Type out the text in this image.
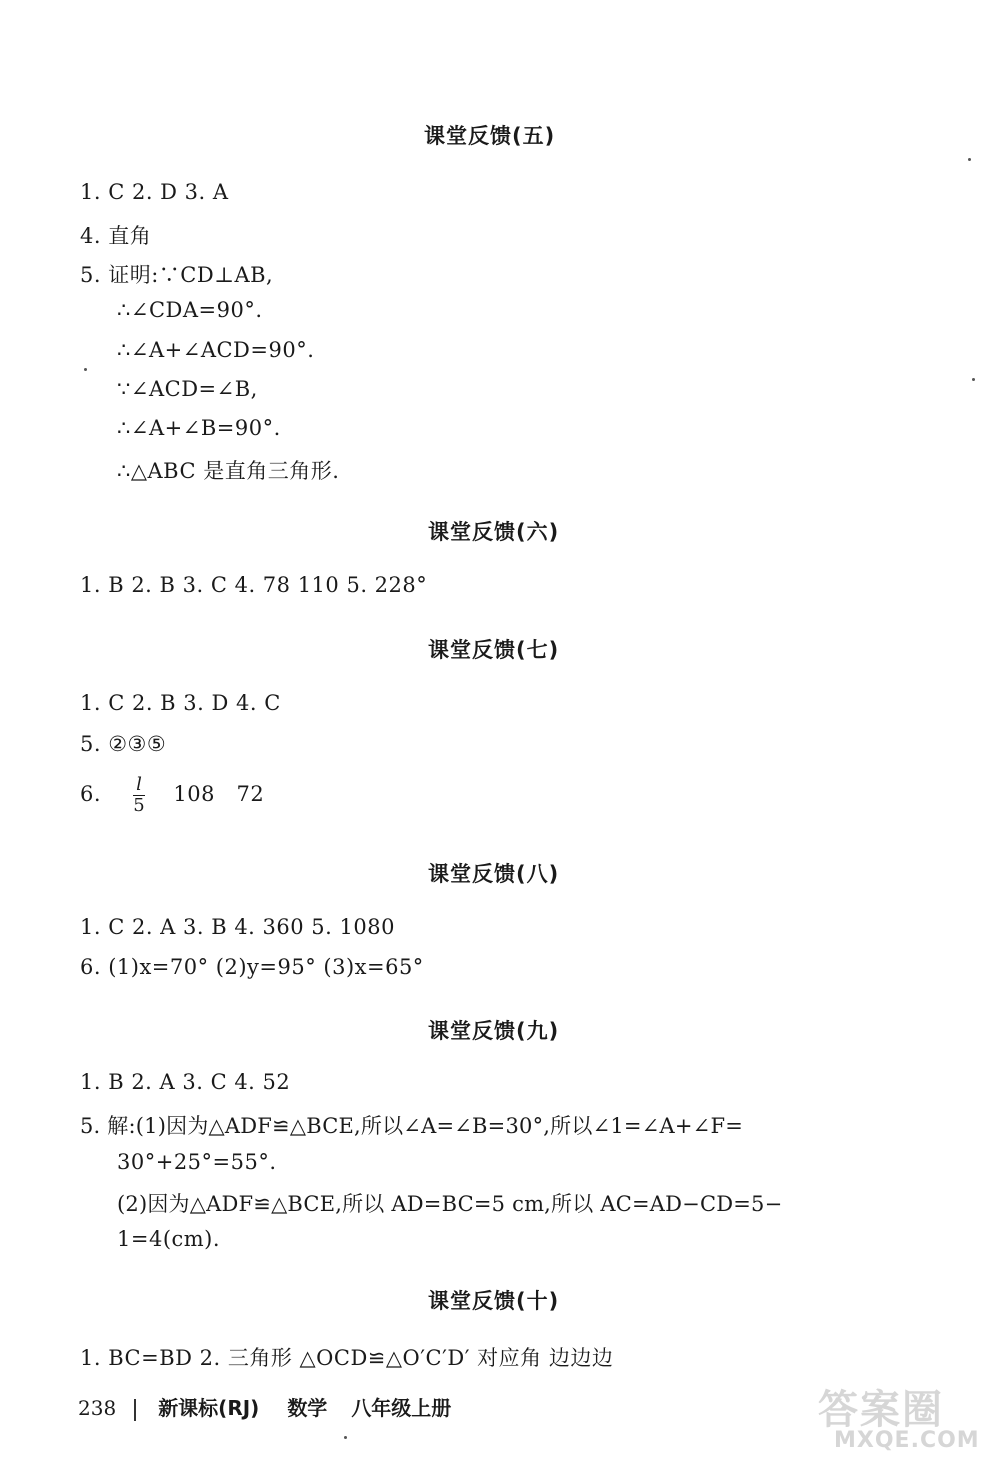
课堂反馈(五)
1. C 2. D 3. A
4. 直角
5. 证明:∵CD⊥AB,
∴∠CDA=90°.
∴∠A+∠ACD=90°.
∵∠ACD=∠B,
∴∠A+∠B=90°.
∴△ABC 是直角三角形.
课堂反馈(六)
1. B 2. B 3. C 4. 78 110 5. 228°
课堂反馈(七)
1. C 2. B 3. D 4. C
5. ②③⑤
6. $\frac{l}{5} 108$   72
课堂反馈(八)
1. C 2. A 3. B 4. 360 5. 1080
6. (1)x=70° (2)y=95° (3)x=65°
课堂反馈(九)
1. B 2. A 3. C 4. 52
5. 解:(1)因为△ADF≌△BCE,所以∠A=∠B=30°,所以∠1=∠A+∠F=
30°+25°=55°.
(2)因为△ADF≌△BCE,所以 AD=BC=5 cm,所以 AC=AD−CD=5−
1=4(cm).
课堂反馈(十)
1. BC=BD 2. 三角形 △OCD≌△O′C′D′ 对应角 边边边
238 新课标(RJ) 数学 八年级上册	答案圈
MXQE.COM
